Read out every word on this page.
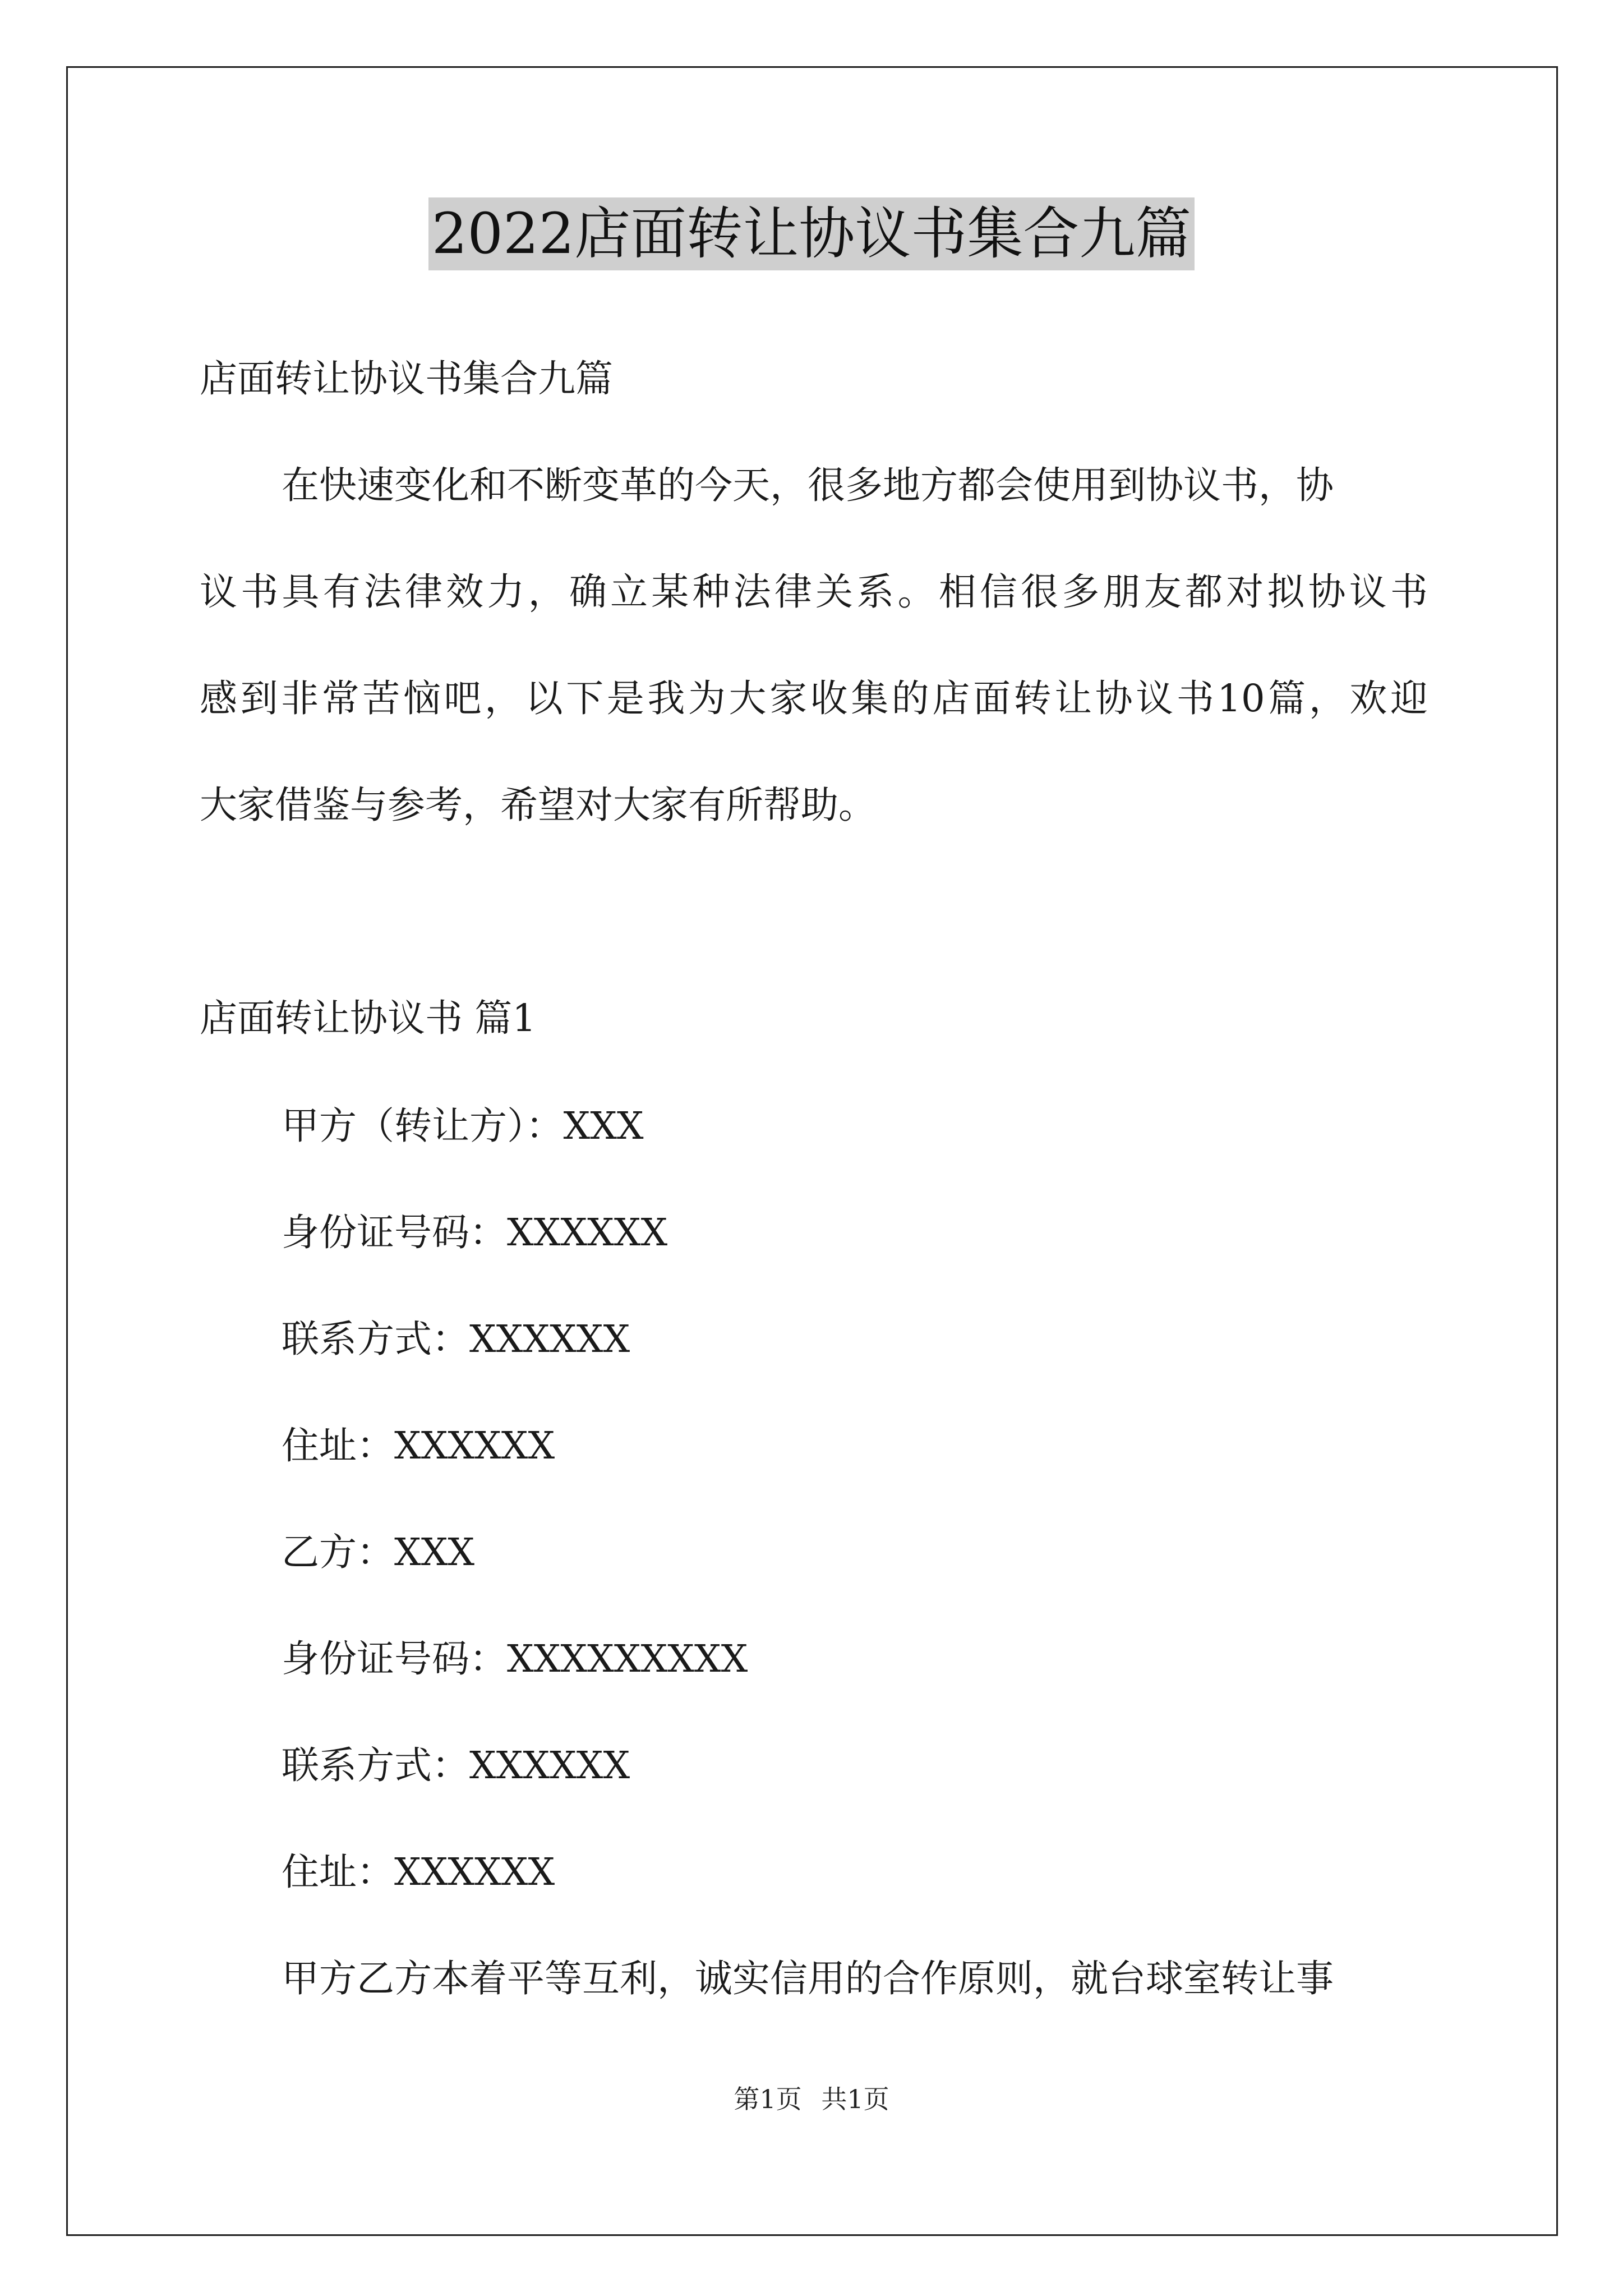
2022店面转让协议书集合九篇
店面转让协议书集合九篇
在快速变化和不断变革的今天，很多地方都会使用到协议书，协
议书具有法律效力，确立某种法律关系。相信很多朋友都对拟协议书
感到非常苦恼吧，以下是我为大家收集的店面转让协议书10篇，欢迎
大家借鉴与参考，希望对大家有所帮助。
店面转让协议书 篇1
甲方（转让方）：XXX
身份证号码：XXXXXX
联系方式：XXXXXX
住址：XXXXXX
乙方：XXX
身份证号码：XXXXXXXXX
联系方式：XXXXXX
住址：XXXXXX
甲方乙方本着平等互利，诚实信用的合作原则，就台球室转让事
第1页 共1页
